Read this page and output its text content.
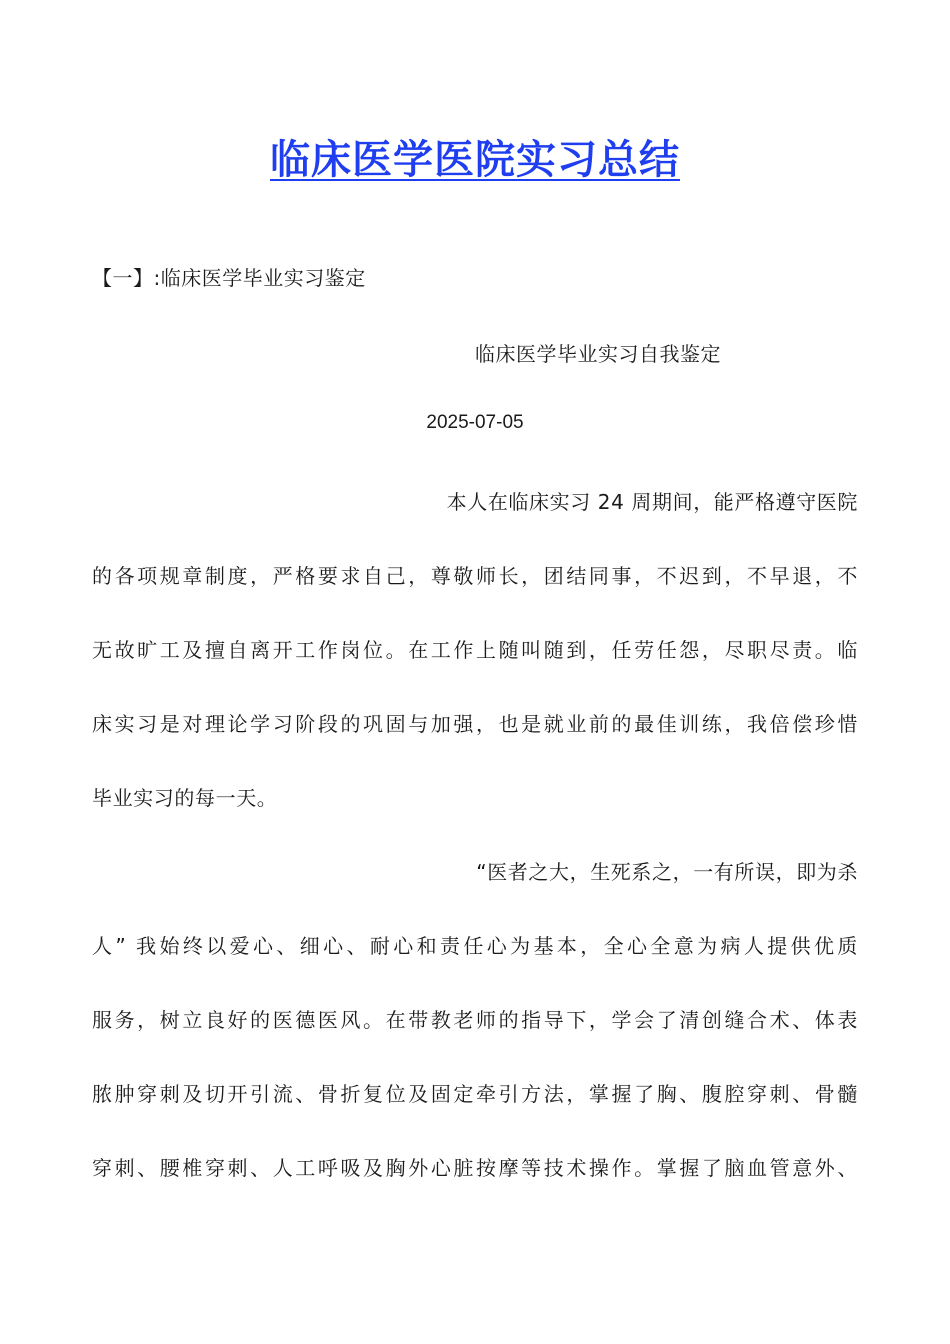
临床医学医院实习总结
【一】:临床医学毕业实习鉴定
临床医学毕业实习自我鉴定
2025-07-05
本人在临床实习 24 周期间，能严格遵守医院
的各项规章制度，严格要求自己，尊敬师长，团结同事，不迟到，不早退，不
无故旷工及擅自离开工作岗位。在工作上随叫随到，任劳任怨，尽职尽责。临
床实习是对理论学习阶段的巩固与加强，也是就业前的最佳训练，我倍偿珍惜
毕业实习的每一天。
“医者之大，生死系之，一有所误，即为杀
人” 我始终以爱心、细心、耐心和责任心为基本，全心全意为病人提供优质
服务，树立良好的医德医风。在带教老师的指导下，学会了清创缝合术、体表
脓肿穿刺及切开引流、骨折复位及固定牵引方法，掌握了胸、腹腔穿刺、骨髓
穿刺、腰椎穿刺、人工呼吸及胸外心脏按摩等技术操作。掌握了脑血管意外、
